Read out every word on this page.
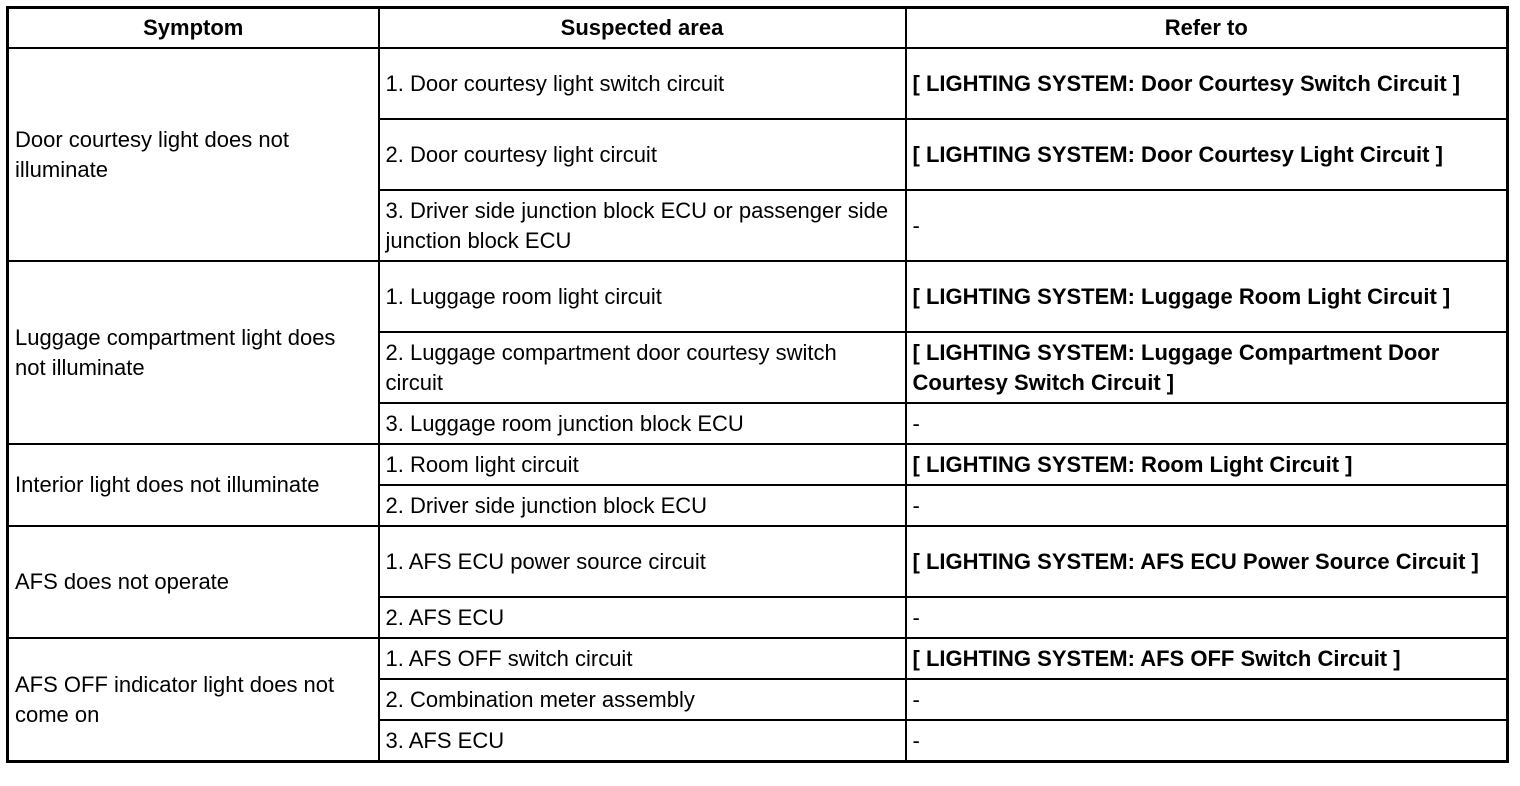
Symptom	Suspected area	Refer to
Door courtesy light does not illuminate	1. Door courtesy light switch circuit	[ LIGHTING SYSTEM: Door Courtesy Switch Circuit ]
	2. Door courtesy light circuit	[ LIGHTING SYSTEM: Door Courtesy Light Circuit ]
	3. Driver side junction block ECU or passenger side junction block ECU	-
Luggage compartment light does not illuminate	1. Luggage room light circuit	[ LIGHTING SYSTEM: Luggage Room Light Circuit ]
	2. Luggage compartment door courtesy switch circuit	[ LIGHTING SYSTEM: Luggage Compartment Door Courtesy Switch Circuit ]
	3. Luggage room junction block ECU	-
Interior light does not illuminate	1. Room light circuit	[ LIGHTING SYSTEM: Room Light Circuit ]
	2. Driver side junction block ECU	-
AFS does not operate	1. AFS ECU power source circuit	[ LIGHTING SYSTEM: AFS ECU Power Source Circuit ]
	2. AFS ECU	-
AFS OFF indicator light does not come on	1. AFS OFF switch circuit	[ LIGHTING SYSTEM: AFS OFF Switch Circuit ]
	2. Combination meter assembly	-
	3. AFS ECU	-
